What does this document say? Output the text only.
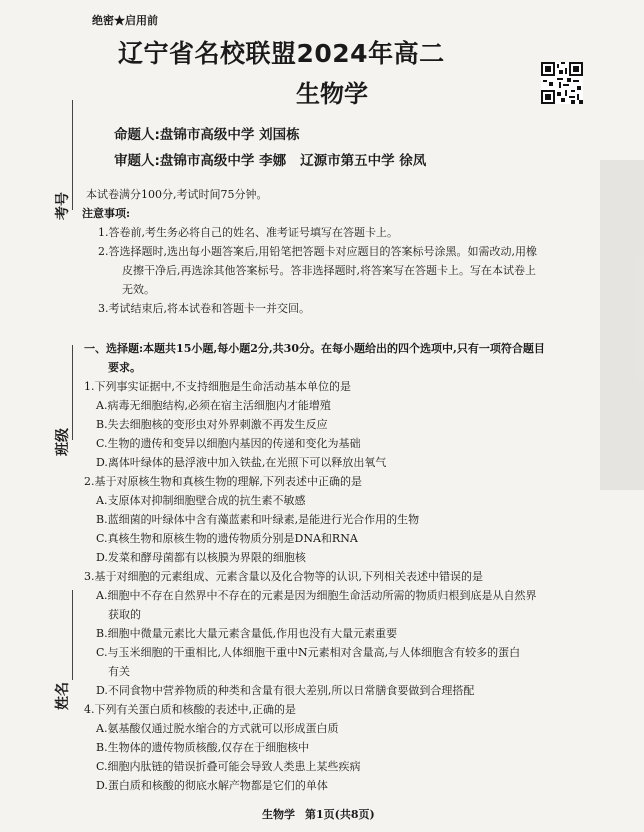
绝密★启用前
辽宁省名校联盟2024年高二
生物学
命题人:盘锦市高级中学 刘国栋
审题人:盘锦市高级中学 李娜 辽源市第五中学 徐凤
考号
班级
姓名
本试卷满分100分,考试时间75分钟。
注意事项:
1.答卷前,考生务必将自己的姓名、准考证号填写在答题卡上。
2.答选择题时,选出每小题答案后,用铅笔把答题卡对应题目的答案标号涂黑。如需改动,用橡
皮擦干净后,再选涂其他答案标号。答非选择题时,将答案写在答题卡上。写在本试卷上
无效。
3.考试结束后,将本试卷和答题卡一并交回。
一、选择题:本题共15小题,每小题2分,共30分。在每小题给出的四个选项中,只有一项符合题目
要求。
1.下列事实证据中,不支持细胞是生命活动基本单位的是
A.病毒无细胞结构,必须在宿主活细胞内才能增殖
B.失去细胞核的变形虫对外界刺激不再发生反应
C.生物的遗传和变异以细胞内基因的传递和变化为基础
D.离体叶绿体的悬浮液中加入铁盐,在光照下可以释放出氧气
2.基于对原核生物和真核生物的理解,下列表述中正确的是
A.支原体对抑制细胞壁合成的抗生素不敏感
B.蓝细菌的叶绿体中含有藻蓝素和叶绿素,是能进行光合作用的生物
C.真核生物和原核生物的遗传物质分别是DNA和RNA
D.发菜和酵母菌都有以核膜为界限的细胞核
3.基于对细胞的元素组成、元素含量以及化合物等的认识,下列相关表述中错误的是
A.细胞中不存在自然界中不存在的元素是因为细胞生命活动所需的物质归根到底是从自然界
获取的
B.细胞中微量元素比大量元素含量低,作用也没有大量元素重要
C.与玉米细胞的干重相比,人体细胞干重中N元素相对含量高,与人体细胞含有较多的蛋白
有关
D.不同食物中营养物质的种类和含量有很大差别,所以日常膳食要做到合理搭配
4.下列有关蛋白质和核酸的表述中,正确的是
A.氨基酸仅通过脱水缩合的方式就可以形成蛋白质
B.生物体的遗传物质核酸,仅存在于细胞核中
C.细胞内肽链的错误折叠可能会导致人类患上某些疾病
D.蛋白质和核酸的彻底水解产物都是它们的单体
生物学 第1页(共8页)
